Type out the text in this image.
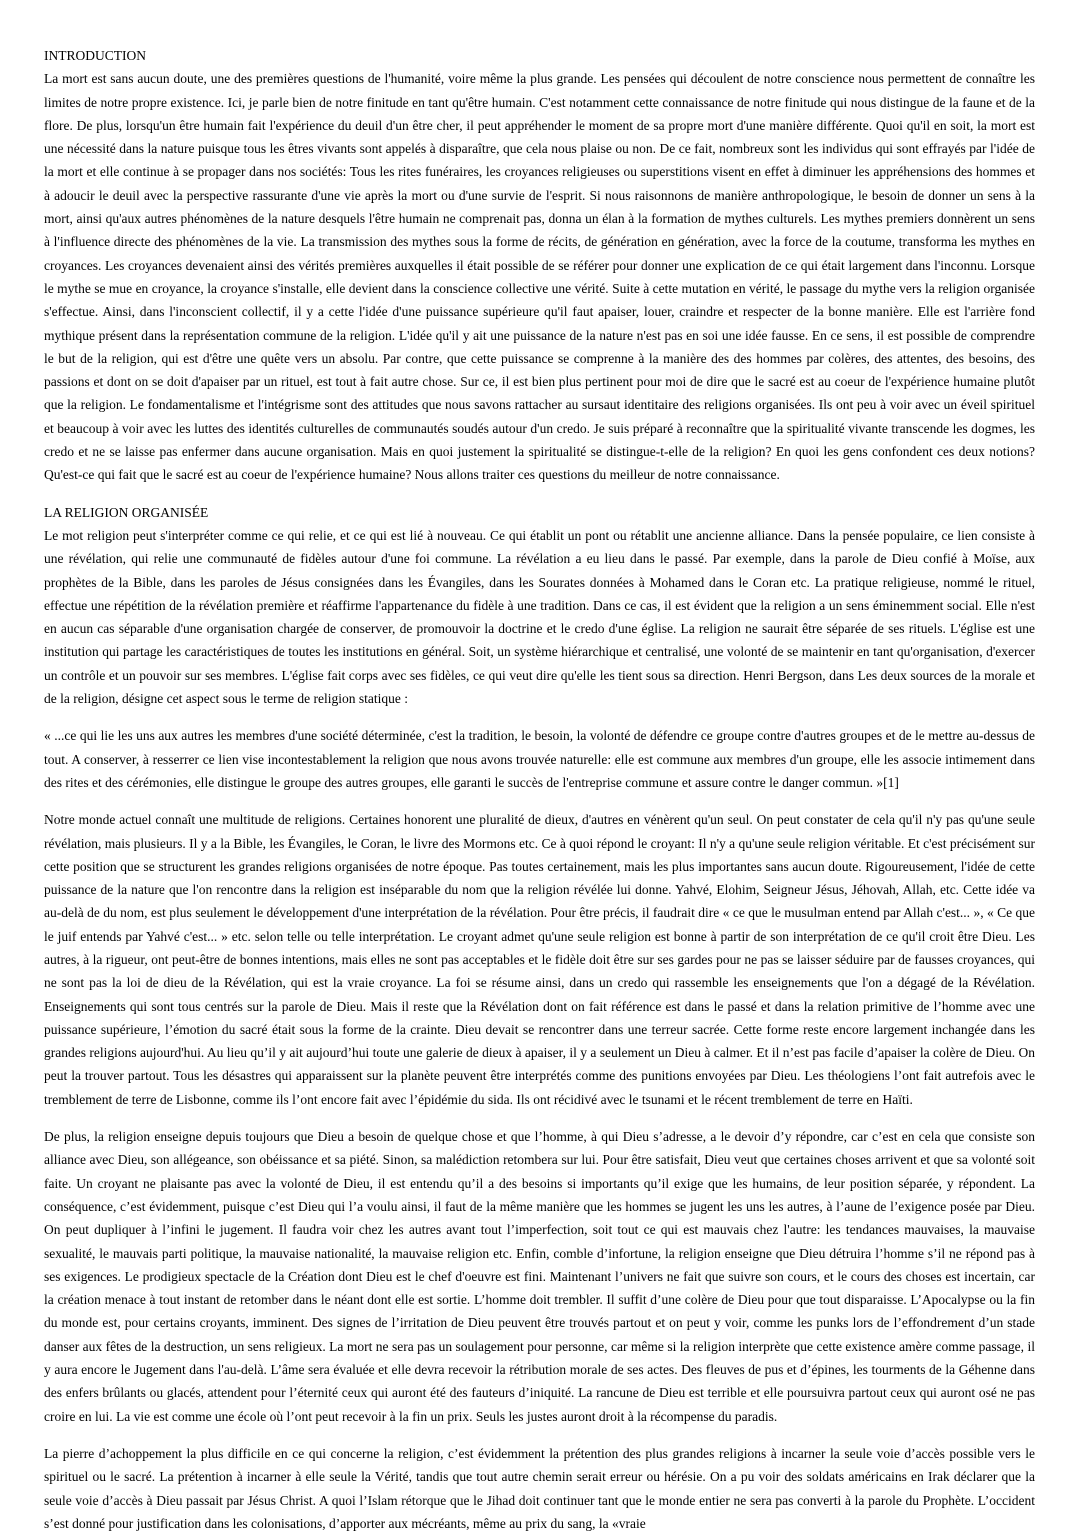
INTRODUCTION

La mort est sans aucun doute, une des premières questions de l'humanité, voire même la plus grande. Les pensées qui découlent de notre conscience nous permettent de connaître les limites de notre propre existence. Ici, je parle bien de notre finitude en tant qu'être humain. C'est notamment cette connaissance de notre finitude qui nous distingue de la faune et de la flore. De plus, lorsqu'un être humain fait l'expérience du deuil d'un être cher, il peut appréhender le moment de sa propre mort d'une manière différente. Quoi qu'il en soit, la mort est une nécessité dans la nature puisque tous les êtres vivants sont appelés à disparaître, que cela nous plaise ou non. De ce fait, nombreux sont les individus qui sont effrayés par l'idée de la mort et elle continue à se propager dans nos sociétés: Tous les rites funéraires, les croyances religieuses ou superstitions visent en effet à diminuer les appréhensions des hommes et à adoucir le deuil avec la perspective rassurante d'une vie après la mort ou d'une survie de l'esprit. Si nous raisonnons de manière anthropologique, le besoin de donner un sens à la mort, ainsi qu'aux autres phénomènes de la nature desquels l'être humain ne comprenait pas, donna un élan à la formation de mythes culturels. Les mythes premiers donnèrent un sens à l'influence directe des phénomènes de la vie. La transmission des mythes sous la forme de récits, de génération en génération, avec la force de la coutume, transforma les mythes en croyances. Les croyances devenaient ainsi des vérités premières auxquelles il était possible de se référer pour donner une explication de ce qui était largement dans l'inconnu. Lorsque le mythe se mue en croyance, la croyance s'installe, elle devient dans la conscience collective une vérité. Suite à cette mutation en vérité, le passage du mythe vers la religion organisée s'effectue. Ainsi, dans l'inconscient collectif, il y a cette l'idée d'une puissance supérieure qu'il faut apaiser, louer, craindre et respecter de la bonne manière. Elle est l'arrière fond mythique présent dans la représentation commune de la religion. L'idée qu'il y ait une puissance de la nature n'est pas en soi une idée fausse. En ce sens, il est possible de comprendre le but de la religion, qui est d'être une quête vers un absolu. Par contre, que cette puissance se comprenne à la manière des des hommes par colères, des attentes, des besoins, des passions et dont on se doit d'apaiser par un rituel, est tout à fait autre chose. Sur ce, il est bien plus pertinent pour moi de dire que le sacré est au coeur de l'expérience humaine plutôt que la religion. Le fondamentalisme et l'intégrisme sont des attitudes que nous savons rattacher au sursaut identitaire des religions organisées. Ils ont peu à voir avec un éveil spirituel et beaucoup à voir avec les luttes des identités culturelles de communautés soudés autour d'un credo. Je suis préparé à reconnaître que la spiritualité vivante transcende les dogmes, les credo et ne se laisse pas enfermer dans aucune organisation. Mais en quoi justement la spiritualité se distingue-t-elle de la religion? En quoi les gens confondent ces deux notions? Qu'est-ce qui fait que le sacré est au coeur de l'expérience humaine? Nous allons traiter ces questions du meilleur de notre connaissance.

LA RELIGION ORGANISÉE

Le mot religion peut s'interpréter comme ce qui relie, et ce qui est lié à nouveau. Ce qui établit un pont ou rétablit une ancienne alliance. Dans la pensée populaire, ce lien consiste à une révélation, qui relie une communauté de fidèles autour d'une foi commune. La révélation a eu lieu dans le passé. Par exemple, dans la parole de Dieu confié à Moïse, aux prophètes de la Bible, dans les paroles de Jésus consignées dans les Évangiles, dans les Sourates données à Mohamed dans le Coran etc. La pratique religieuse, nommé le rituel, effectue une répétition de la révélation première et réaffirme l'appartenance du fidèle à une tradition. Dans ce cas, il est évident que la religion a un sens éminemment social. Elle n'est en aucun cas séparable d'une organisation chargée de conserver, de promouvoir la doctrine et le credo d'une église. La religion ne saurait être séparée de ses rituels. L'église est une institution qui partage les caractéristiques de toutes les institutions en général. Soit, un système hiérarchique et centralisé, une volonté de se maintenir en tant qu'organisation, d'exercer un contrôle et un pouvoir sur ses membres. L'église fait corps avec ses fidèles, ce qui veut dire qu'elle les tient sous sa direction. Henri Bergson, dans Les deux sources de la morale et de la religion, désigne cet aspect sous le terme de religion statique :

« ...ce qui lie les uns aux autres les membres d'une société déterminée, c'est la tradition, le besoin, la volonté de défendre ce groupe contre d'autres groupes et de le mettre au-dessus de tout. A conserver, à resserrer ce lien vise incontestablement la religion que nous avons trouvée naturelle: elle est commune aux membres d'un groupe, elle les associe intimement dans des rites et des cérémonies, elle distingue le groupe des autres groupes, elle garanti le succès de l'entreprise commune et assure contre le danger commun. »[1]

Notre monde actuel connaît une multitude de religions. Certaines honorent une pluralité de dieux, d'autres en vénèrent qu'un seul. On peut constater de cela qu'il n'y pas qu'une seule révélation, mais plusieurs. Il y a la Bible, les Évangiles, le Coran, le livre des Mormons etc. Ce à quoi répond le croyant: Il n'y a qu'une seule religion véritable. Et c'est précisément sur cette position que se structurent les grandes religions organisées de notre époque. Pas toutes certainement, mais les plus importantes sans aucun doute. Rigoureusement, l'idée de cette puissance de la nature que l'on rencontre dans la religion est inséparable du nom que la religion révélée lui donne. Yahvé, Elohim, Seigneur Jésus, Jéhovah, Allah, etc. Cette idée va au-delà de du nom, est plus seulement le développement d'une interprétation de la révélation. Pour être précis, il faudrait dire « ce que le musulman entend par Allah c'est... », « Ce que le juif entends par Yahvé c'est... » etc. selon telle ou telle interprétation. Le croyant admet qu'une seule religion est bonne à partir de son interprétation de ce qu'il croit être Dieu. Les autres, à la rigueur, ont peut-être de bonnes intentions, mais elles ne sont pas acceptables et le fidèle doit être sur ses gardes pour ne pas se laisser séduire par de fausses croyances, qui ne sont pas la loi de dieu de la Révélation, qui est la vraie croyance. La foi se résume ainsi, dans un credo qui rassemble les enseignements que l'on a dégagé de la Révélation. Enseignements qui sont tous centrés sur la parole de Dieu. Mais il reste que la Révélation dont on fait référence est dans le passé et dans la relation primitive de l’homme avec une puissance supérieure, l’émotion du sacré était sous la forme de la crainte. Dieu devait se rencontrer dans une terreur sacrée. Cette forme reste encore largement inchangée dans les grandes religions aujourd'hui. Au lieu qu’il y ait aujourd’hui toute une galerie de dieux à apaiser, il y a seulement un Dieu à calmer. Et il n’est pas facile d’apaiser la colère de Dieu. On peut la trouver partout. Tous les désastres qui apparaissent sur la planète peuvent être interprétés comme des punitions envoyées par Dieu. Les théologiens l’ont fait autrefois avec le tremblement de terre de Lisbonne, comme ils l’ont encore fait avec l’épidémie du sida. Ils ont récidivé avec le tsunami et le récent tremblement de terre en Haïti.

De plus, la religion enseigne depuis toujours que Dieu a besoin de quelque chose et que l’homme, à qui Dieu s’adresse, a le devoir d’y répondre, car c’est en cela que consiste son alliance avec Dieu, son allégeance, son obéissance et sa piété. Sinon, sa malédiction retombera sur lui. Pour être satisfait, Dieu veut que certaines choses arrivent et que sa volonté soit faite. Un croyant ne plaisante pas avec la volonté de Dieu, il est entendu qu’il a des besoins si importants qu’il exige que les humains, de leur position séparée, y répondent. La conséquence, c’est évidemment, puisque c’est Dieu qui l’a voulu ainsi, il faut de la même manière que les hommes se jugent les uns les autres, à l’aune de l’exigence posée par Dieu. On peut dupliquer à l’infini le jugement. Il faudra voir chez les autres avant tout l’imperfection, soit tout ce qui est mauvais chez l'autre: les tendances mauvaises, la mauvaise sexualité, le mauvais parti politique, la mauvaise nationalité, la mauvaise religion etc. Enfin, comble d’infortune, la religion enseigne que Dieu détruira l’homme s’il ne répond pas à ses exigences. Le prodigieux spectacle de la Création dont Dieu est le chef d'oeuvre est fini. Maintenant l’univers ne fait que suivre son cours, et le cours des choses est incertain, car la création menace à tout instant de retomber dans le néant dont elle est sortie. L’homme doit trembler. Il suffit d’une colère de Dieu pour que tout disparaisse. L’Apocalypse ou la fin du monde est, pour certains croyants, imminent. Des signes de l’irritation de Dieu peuvent être trouvés partout et on peut y voir, comme les punks lors de l’effondrement d’un stade danser aux fêtes de la destruction, un sens religieux. La mort ne sera pas un soulagement pour personne, car même si la religion interprète que cette existence amère comme passage, il y aura encore le Jugement dans l'au-delà. L’âme sera évaluée et elle devra recevoir la rétribution morale de ses actes. Des fleuves de pus et d’épines, les tourments de la Géhenne dans des enfers brûlants ou glacés, attendent pour l’éternité ceux qui auront été des fauteurs d’iniquité. La rancune de Dieu est terrible et elle poursuivra partout ceux qui auront osé ne pas croire en lui. La vie est comme une école où l’ont peut recevoir à la fin un prix. Seuls les justes auront droit à la récompense du paradis.

La pierre d’achoppement la plus difficile en ce qui concerne la religion, c’est évidemment la prétention des plus grandes religions à incarner la seule voie d’accès possible vers le spirituel ou le sacré. La prétention à incarner à elle seule la Vérité, tandis que tout autre chemin serait erreur ou hérésie. On a pu voir des soldats américains en Irak déclarer que la seule voie d’accès à Dieu passait par Jésus Christ. A quoi l’Islam rétorque que le Jihad doit continuer tant que le monde entier ne sera pas converti à la parole du Prophète. L’occident s’est donné pour justification dans les colonisations, d’apporter aux mécréants, même au prix du sang, la «vraie
